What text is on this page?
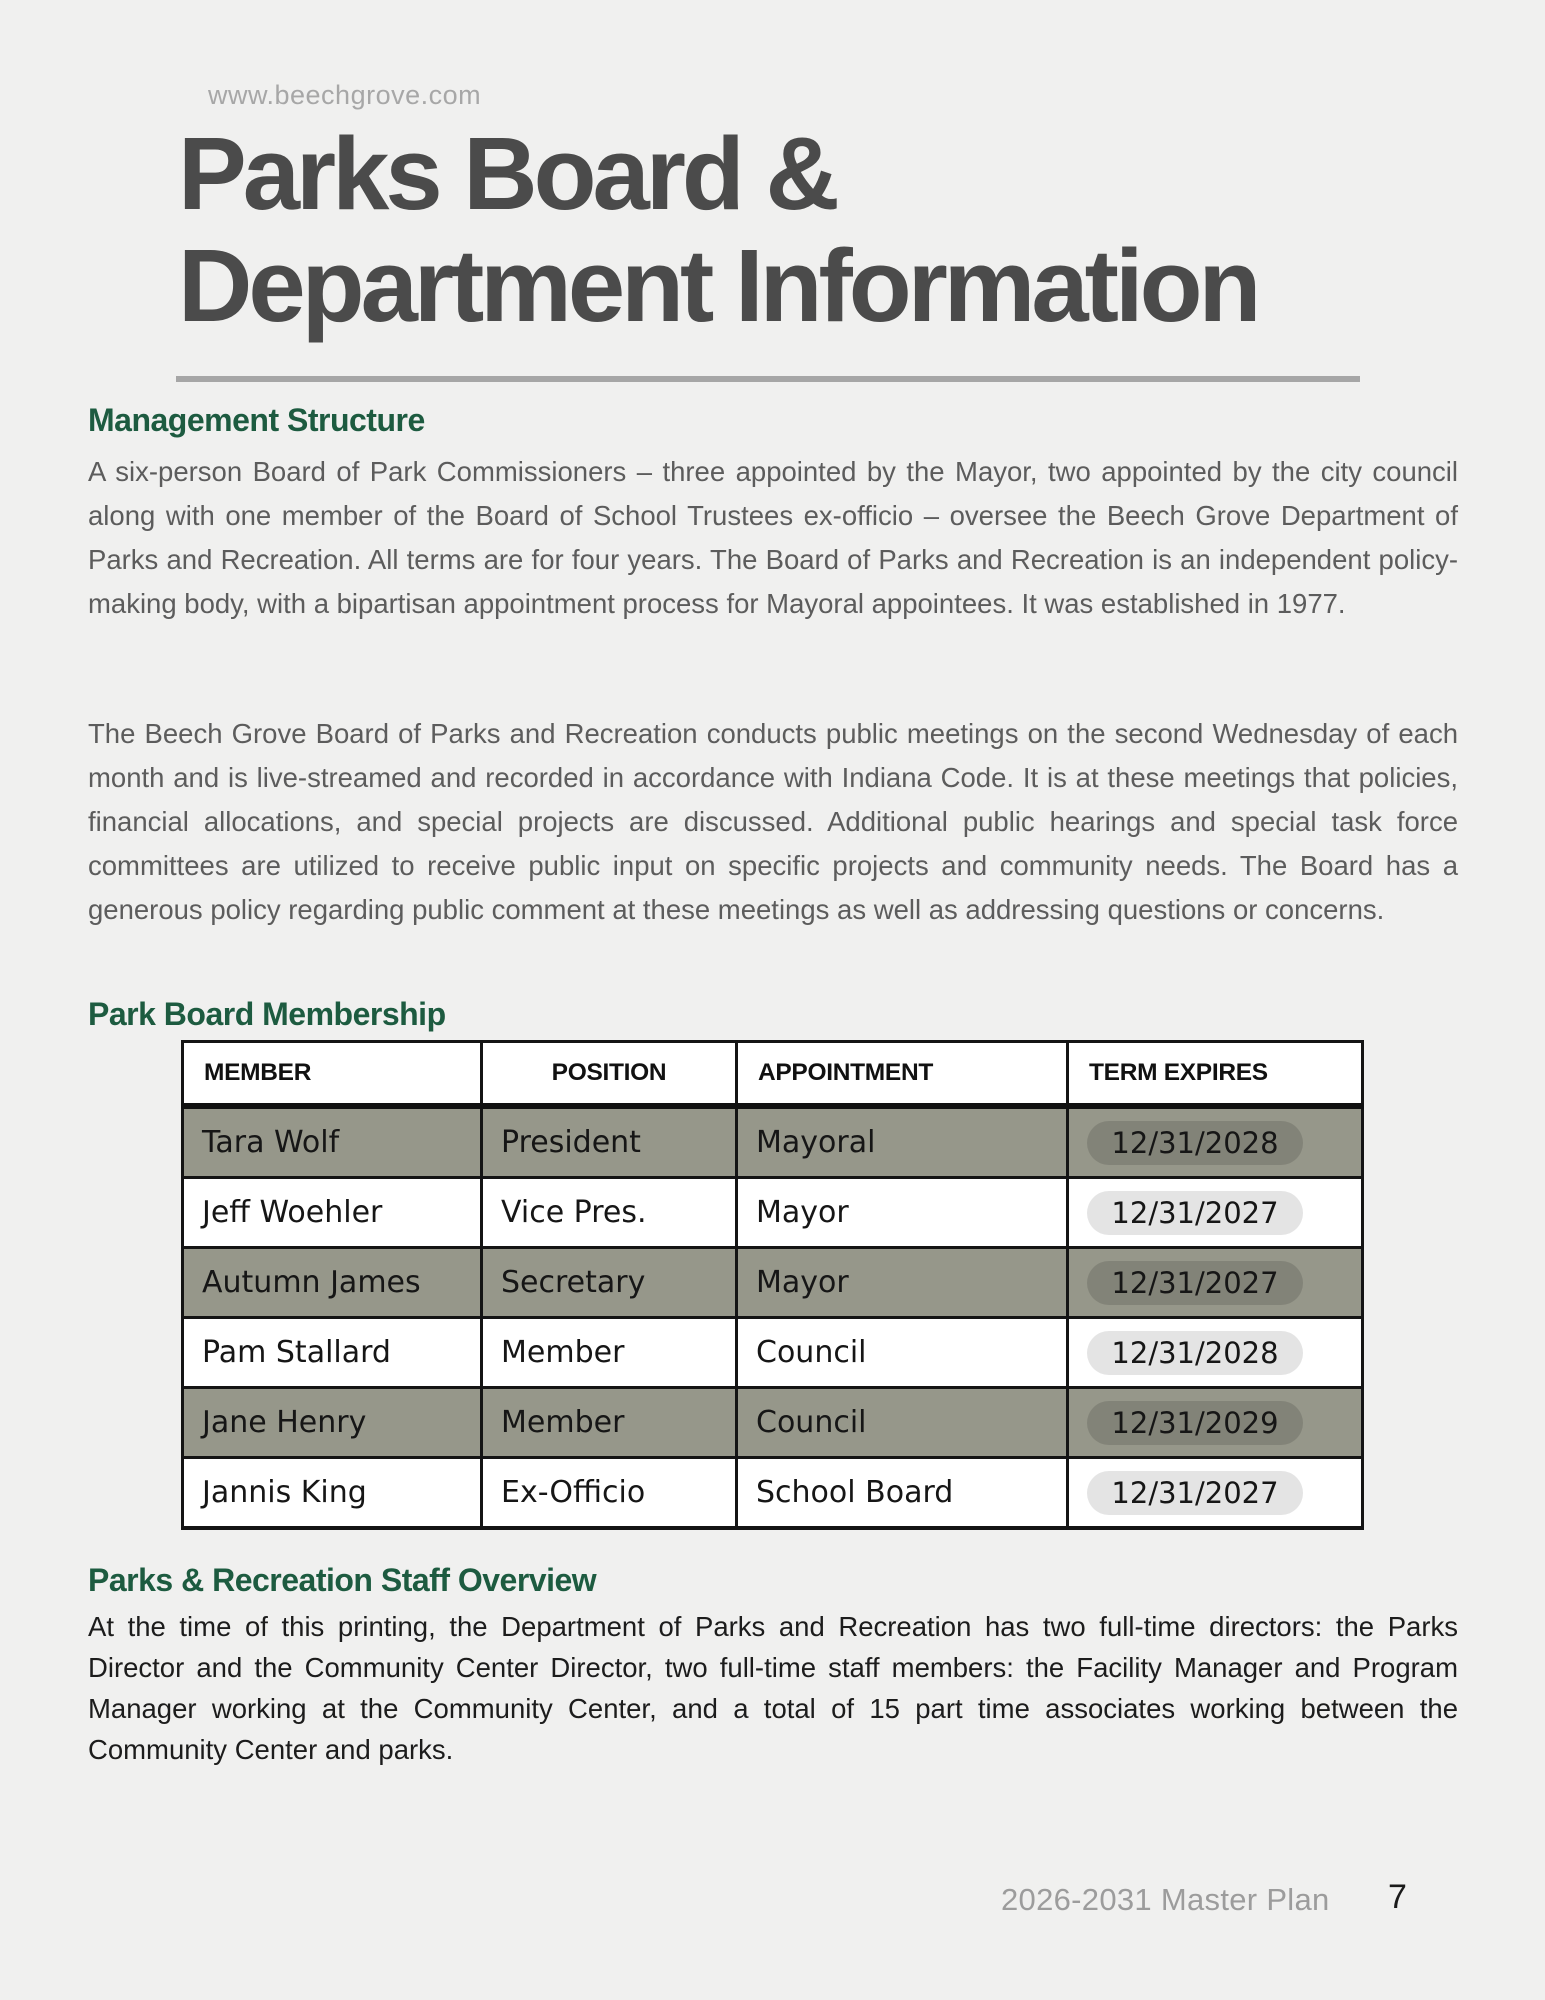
www.beechgrove.com
Parks Board &
Department Information
Management Structure

A six-person Board of Park Commissioners – three appointed by the Mayor, two appointed by the city council along with one member of the Board of School Trustees ex-officio – oversee the Beech Grove Department of Parks and Recreation. All terms are for four years. The Board of Parks and Recreation is an independent policy-making body, with a bipartisan appointment process for Mayoral appointees. It was established in 1977.

The Beech Grove Board of Parks and Recreation conducts public meetings on the second Wednesday of each month and is live-streamed and recorded in accordance with Indiana Code. It is at these meetings that policies, financial allocations, and special projects are discussed. Additional public hearings and special task force committees are utilized to receive public input on specific projects and community needs. The Board has a generous policy regarding public comment at these meetings as well as addressing questions or concerns.

Park Board Membership
MEMBER	POSITION	APPOINTMENT	TERM EXPIRES
Tara Wolf	President	Mayoral	12/31/2028
Jeff Woehler	Vice Pres.	Mayor	12/31/2027
Autumn James	Secretary	Mayor	12/31/2027
Pam Stallard	Member	Council	12/31/2028
Jane Henry	Member	Council	12/31/2029
Jannis King	Ex-Officio	School Board	12/31/2027
Parks & Recreation Staff Overview

At the time of this printing, the Department of Parks and Recreation has two full-time directors: the Parks Director and the Community Center Director, two full-time staff members: the Facility Manager and Program Manager working at the Community Center, and a total of 15 part time associates working between the Community Center and parks.

2026-2031 Master Plan 7
